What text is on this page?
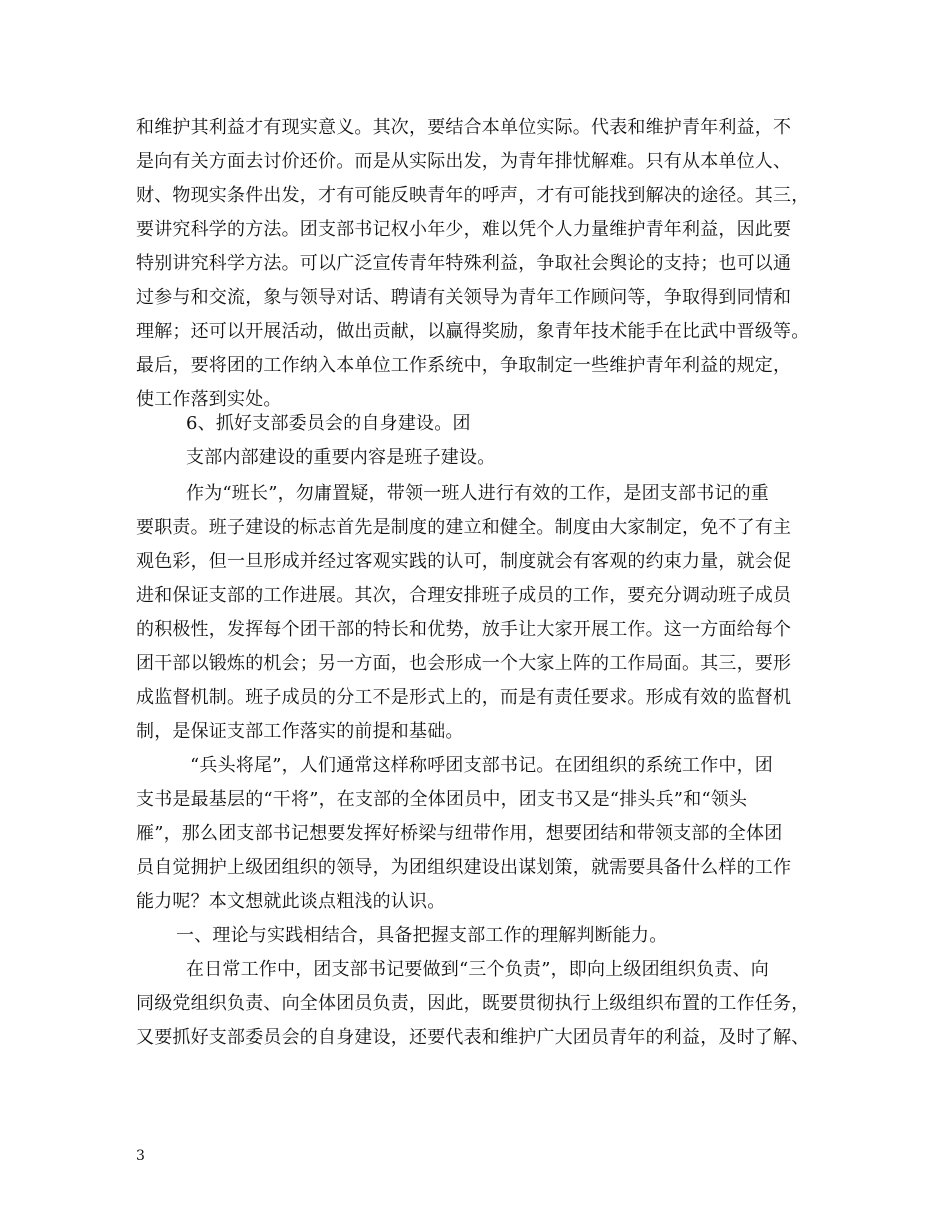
和维护其利益才有现实意义。其次，要结合本单位实际。代表和维护青年利益，不
是向有关方面去讨价还价。而是从实际出发，为青年排忧解难。只有从本单位人、
财、物现实条件出发，才有可能反映青年的呼声，才有可能找到解决的途径。其三，
要讲究科学的方法。团支部书记权小年少，难以凭个人力量维护青年利益，因此要
特别讲究科学方法。可以广泛宣传青年特殊利益，争取社会舆论的支持；也可以通
过参与和交流，象与领导对话、聘请有关领导为青年工作顾问等，争取得到同情和
理解；还可以开展活动，做出贡献，以赢得奖励，象青年技术能手在比武中晋级等。
最后，要将团的工作纳入本单位工作系统中，争取制定一些维护青年利益的规定，
使工作落到实处。
6、抓好支部委员会的自身建设。团
支部内部建设的重要内容是班子建设。
作为“班长”，勿庸置疑，带领一班人进行有效的工作，是团支部书记的重
要职责。班子建设的标志首先是制度的建立和健全。制度由大家制定，免不了有主
观色彩，但一旦形成并经过客观实践的认可，制度就会有客观的约束力量，就会促
进和保证支部的工作进展。其次，合理安排班子成员的工作，要充分调动班子成员
的积极性，发挥每个团干部的特长和优势，放手让大家开展工作。这一方面给每个
团干部以锻炼的机会；另一方面，也会形成一个大家上阵的工作局面。其三，要形
成监督机制。班子成员的分工不是形式上的，而是有责任要求。形成有效的监督机
制，是保证支部工作落实的前提和基础。
“兵头将尾”，人们通常这样称呼团支部书记。在团组织的系统工作中，团
支书是最基层的“干将”，在支部的全体团员中，团支书又是“排头兵”和“领头
雁”，那么团支部书记想要发挥好桥梁与纽带作用，想要团结和带领支部的全体团
员自觉拥护上级团组织的领导，为团组织建设出谋划策，就需要具备什么样的工作
能力呢？本文想就此谈点粗浅的认识。
一、理论与实践相结合，具备把握支部工作的理解判断能力。
在日常工作中，团支部书记要做到“三个负责”，即向上级团组织负责、向
同级党组织负责、向全体团员负责，因此，既要贯彻执行上级组织布置的工作任务，
又要抓好支部委员会的自身建设，还要代表和维护广大团员青年的利益，及时了解、
3
